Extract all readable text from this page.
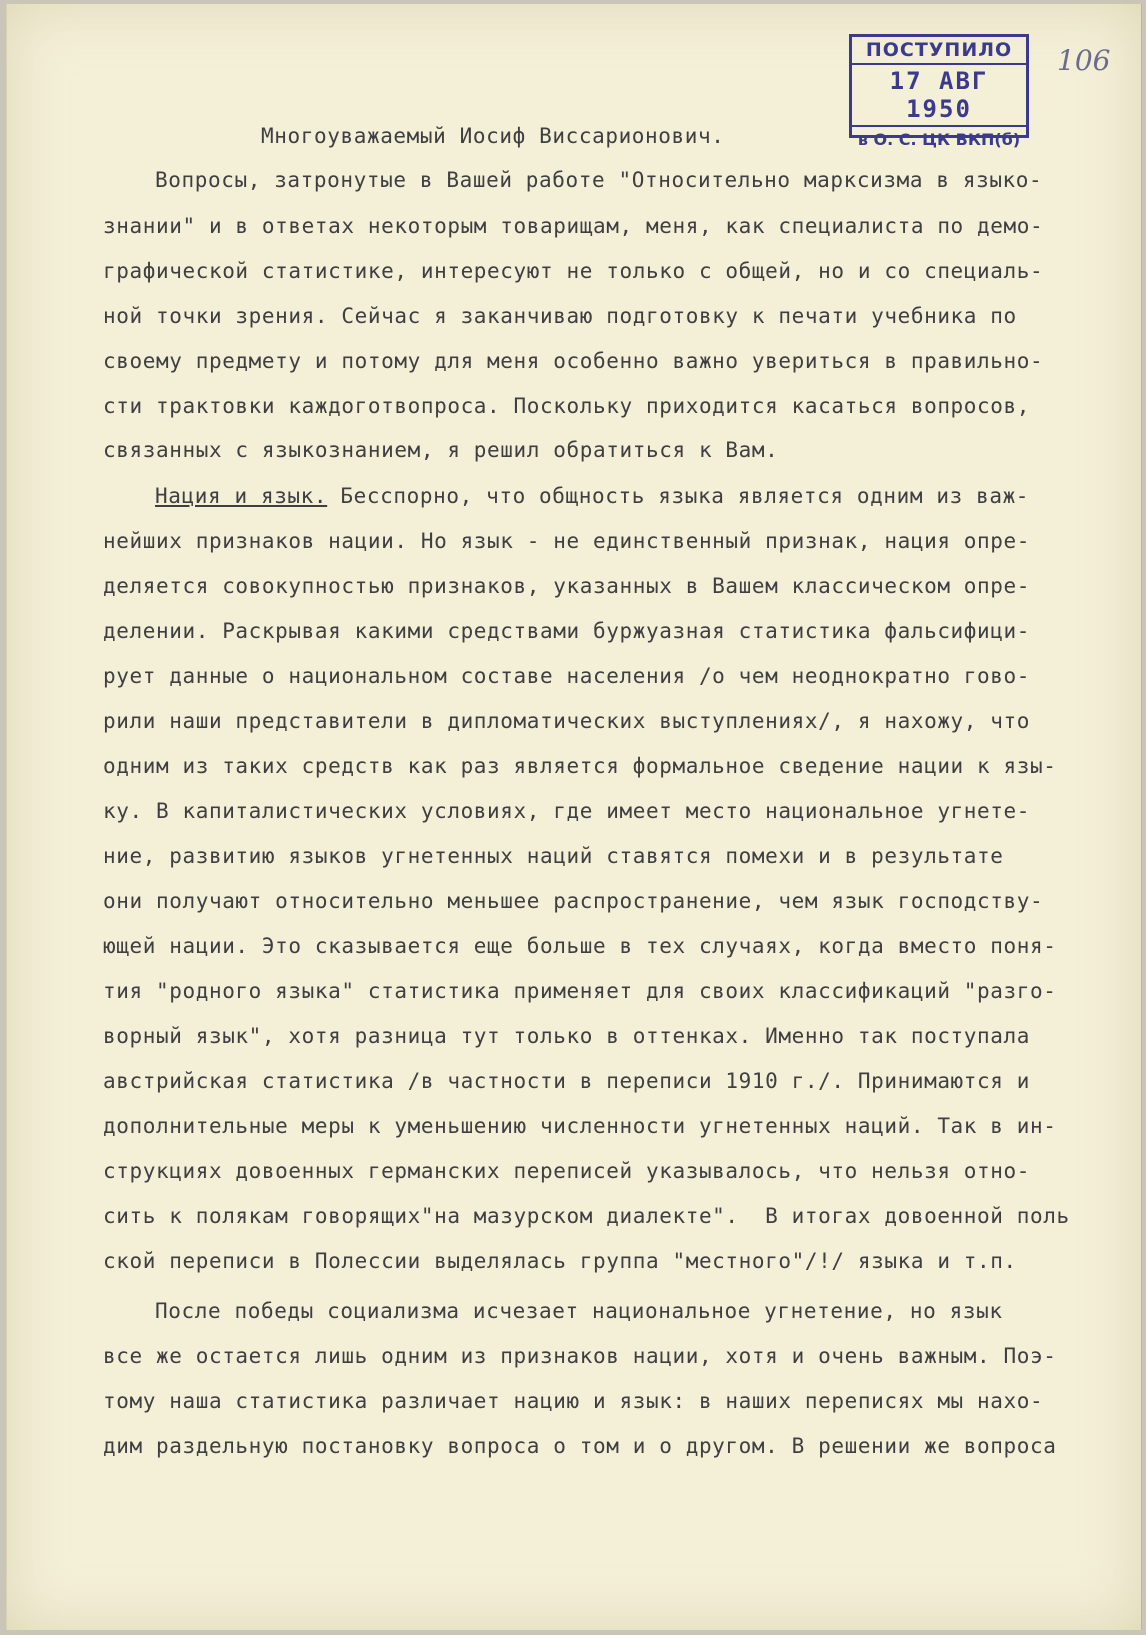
ПОСТУПИЛО
17 АВГ 1950
в О. С. ЦК ВКП(б)
106
Многоуважаемый Иосиф Виссарионович.
Вопросы, затронутые в Вашей работе "Относительно марксизма в языко-
знании" и в ответах некоторым товарищам, меня, как специалиста по демо-
графической статистике, интересуют не только с общей, но и со специаль-
ной точки зрения. Сейчас я заканчиваю подготовку к печати учебника по
своему предмету и потому для меня особенно важно увериться в правильно-
сти трактовки каждоготвопроса. Поскольку приходится касаться вопросов,
связанных с языкознанием, я решил обратиться к Вам.
Нация и язык. Бесспорно, что общность языка является одним из важ-
нейших признаков нации. Но язык - не единственный признак, нация опре-
деляется совокупностью признаков, указанных в Вашем классическом опре-
делении. Раскрывая какими средствами буржуазная статистика фальсифици-
рует данные о национальном составе населения /о чем неоднократно гово-
рили наши представители в дипломатических выступлениях/, я нахожу, что
одним из таких средств как раз является формальное сведение нации к язы-
ку. В капиталистических условиях, где имеет место национальное угнете-
ние, развитию языков угнетенных наций ставятся помехи и в результате
они получают относительно меньшее распространение, чем язык господству-
ющей нации. Это сказывается еще больше в тех случаях, когда вместо поня-
тия "родного языка" статистика применяет для своих классификаций "разго-
ворный язык", хотя разница тут только в оттенках. Именно так поступала
австрийская статистика /в частности в переписи 1910 г./. Принимаются и
дополнительные меры к уменьшению численности угнетенных наций. Так в ин-
струкциях довоенных германских переписей указывалось, что нельзя отно-
сить к полякам говорящих"на мазурском диалекте".  В итогах довоенной поль
ской переписи в Полессии выделялась группа "местного"/!/ языка и т.п.
После победы социализма исчезает национальное угнетение, но язык
все же остается лишь одним из признаков нации, хотя и очень важным. Поэ-
тому наша статистика различает нацию и язык: в наших переписях мы нахо-
дим раздельную постановку вопроса о том и о другом. В решении же вопроса
